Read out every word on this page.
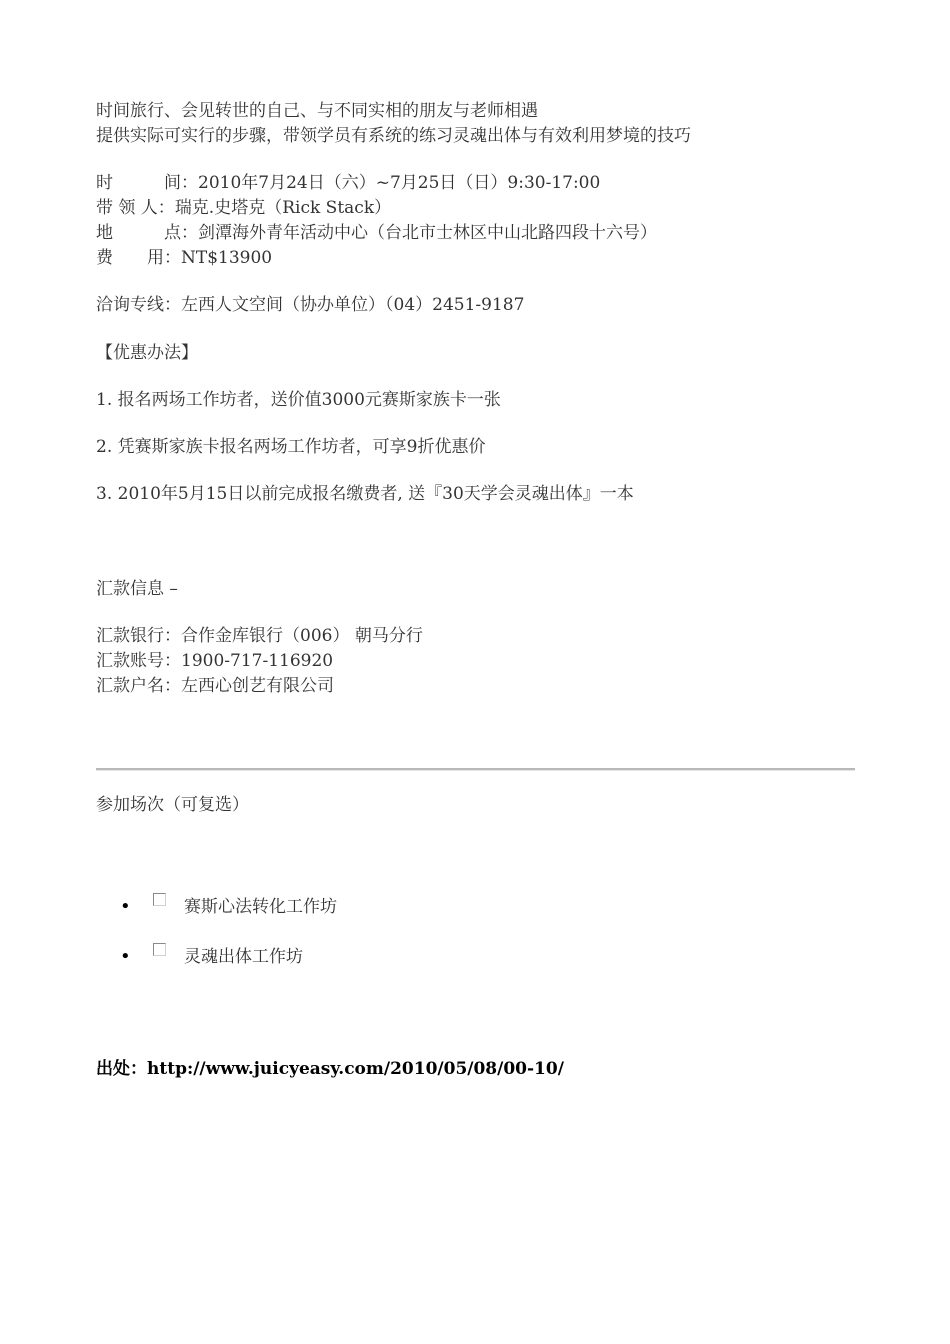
时间旅行、会见转世的自己、与不同实相的朋友与老师相遇
提供实际可实行的步骤，带领学员有系统的练习灵魂出体与有效利用梦境的技巧
时　　　间：2010年7月24日（六）~7月25日（日）9:30-17:00
带 领 人：瑞克.史塔克（Rick Stack）
地　　　点：剑潭海外青年活动中心（台北市士林区中山北路四段十六号）
费　　用：NT$13900
洽询专线：左西人文空间（协办单位）（04）2451-9187
【优惠办法】
1. 报名两场工作坊者，送价值3000元赛斯家族卡一张
2. 凭赛斯家族卡报名两场工作坊者，可享9折优惠价
3. 2010年5月15日以前完成报名缴费者, 送『30天学会灵魂出体』一本
汇款信息 –
汇款银行：合作金库银行（006） 朝马分行
汇款账号：1900-717-116920
汇款户名：左西心创艺有限公司
参加场次（可复选）
•	赛斯心法转化工作坊
•	灵魂出体工作坊
出处：http://www.juicyeasy.com/2010/05/08/00-10/
